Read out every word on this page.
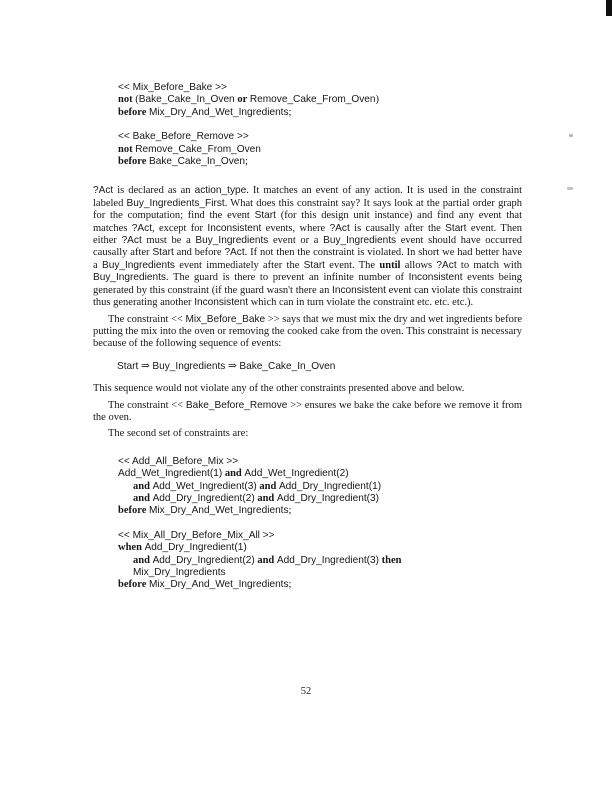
<< Mix_Before_Bake >>
not (Bake_Cake_In_Oven or Remove_Cake_From_Oven)
before Mix_Dry_And_Wet_Ingredients;
<< Bake_Before_Remove >>
not Remove_Cake_From_Oven
before Bake_Cake_In_Oven;

?Act is declared as an action_type. It matches an event of any action. It is used in the constraint labeled Buy_Ingredients_First. What does this constraint say? It says look at the partial order graph for the computation; find the event Start (for this design unit instance) and find any event that matches ?Act, except for Inconsistent events, where ?Act is causally after the Start event. Then either ?Act must be a Buy_Ingredients event or a Buy_Ingredients event should have occurred causally after Start and before ?Act. If not then the constraint is violated. In short we had better have a Buy_Ingredients event immediately after the Start event. The until allows ?Act to match with Buy_Ingredients. The guard is there to prevent an infinite number of Inconsistent events being generated by this constraint (if the guard wasn't there an Inconsistent event can violate this constraint thus generating another Inconsistent which can in turn violate the constraint etc. etc. etc.).

The constraint << Mix_Before_Bake >> says that we must mix the dry and wet ingredients before putting the mix into the oven or removing the cooked cake from the oven. This constraint is necessary because of the following sequence of events:

Start ⇒ Buy_Ingredients ⇒ Bake_Cake_In_Oven

This sequence would not violate any of the other constraints presented above and below.

The constraint << Bake_Before_Remove >> ensures we bake the cake before we remove it from the oven.

The second set of constraints are:

<< Add_All_Before_Mix >>
Add_Wet_Ingredient(1) and Add_Wet_Ingredient(2)
and Add_Wet_Ingredient(3) and Add_Dry_Ingredient(1)
and Add_Dry_Ingredient(2) and Add_Dry_Ingredient(3)
before Mix_Dry_And_Wet_Ingredients;
<< Mix_All_Dry_Before_Mix_All >>
when Add_Dry_Ingredient(1)
and Add_Dry_Ingredient(2) and Add_Dry_Ingredient(3) then
Mix_Dry_Ingredients
before Mix_Dry_And_Wet_Ingredients;
52
